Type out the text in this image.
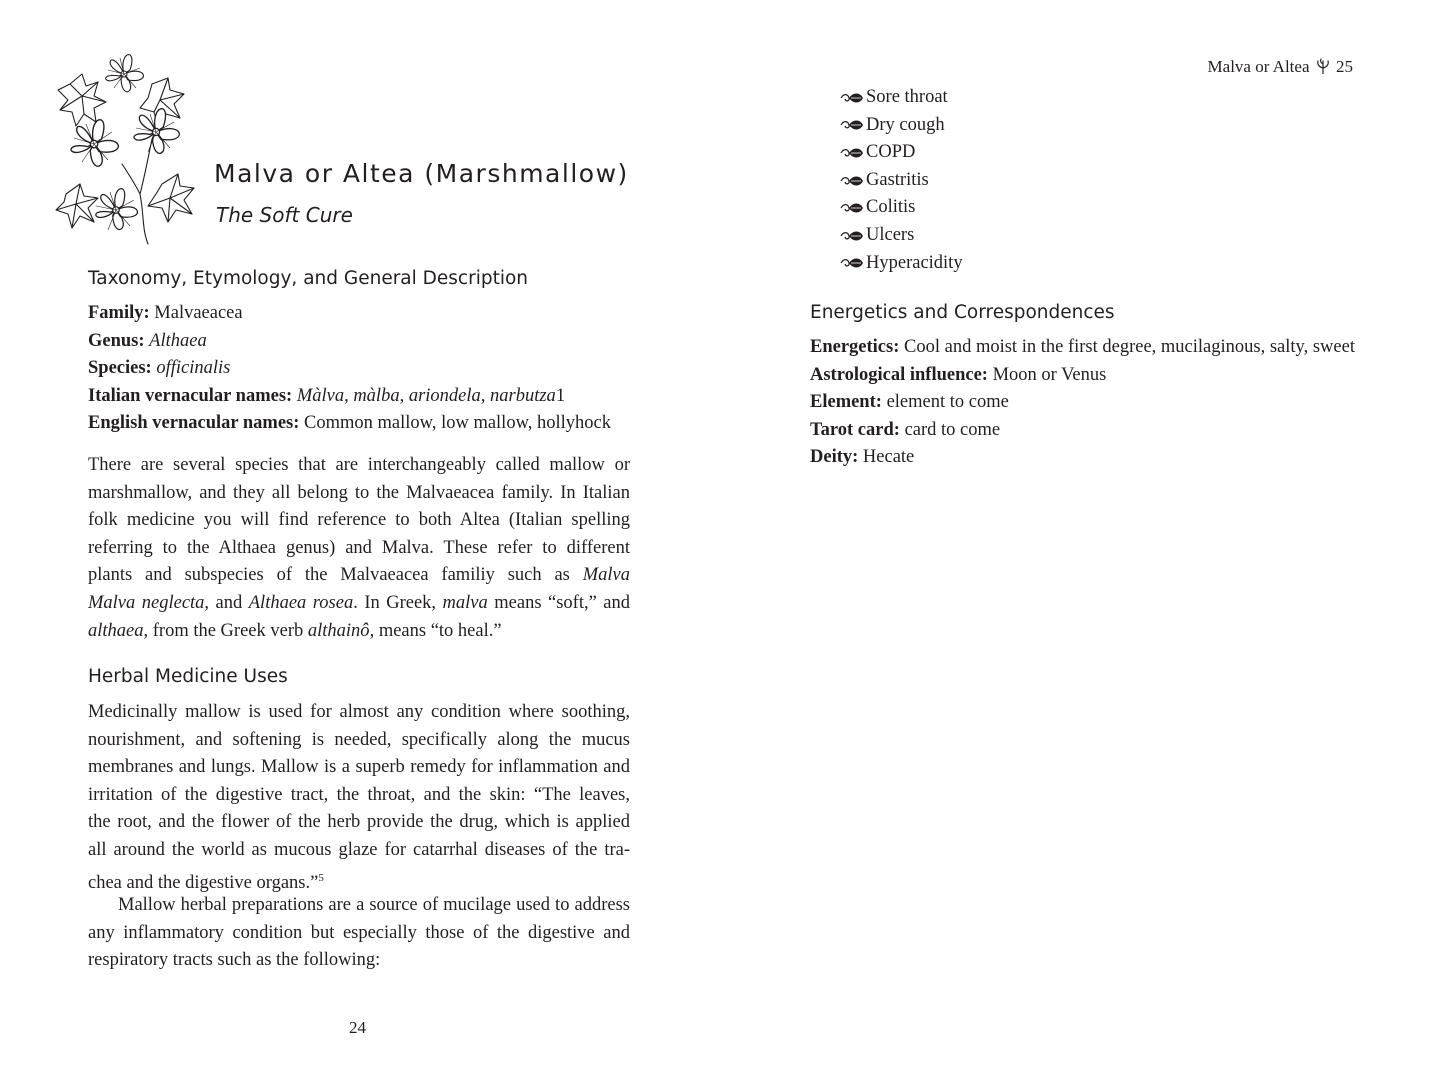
Malva or Altea (Marshmallow)

The Soft Cure

Taxonomy, Etymology, and General Description

Family: Malvaeacea

Genus: Althaea

Species: officinalis

Italian vernacular names: Màlva, màlba, ariondela, narbutza1

English vernacular names: Common mallow, low mallow, hollyhock

There are several species that are interchangeably called mallow or
marshmallow, and they all belong to the Malvaeacea family. In Italian
folk medicine you will find reference to both Altea (Italian spelling
referring to the Althaea genus) and Malva. These refer to different
plants and subspecies of the Malvaeacea familiy such as Malva
Malva neglecta, and Althaea rosea. In Greek, malva means “soft,” and
althaea, from the Greek verb althainô, means “to heal.”
Herbal Medicine Uses
Medicinally mallow is used for almost any condition where soothing,
nourishment, and softening is needed, specifically along the mucus
membranes and lungs. Mallow is a superb remedy for inflammation and
irritation of the digestive tract, the throat, and the skin: “The leaves,
the root, and the flower of the herb provide the drug, which is applied
all around the world as mucous glaze for catarrhal diseases of the tra-
chea and the digestive organs.”$^5$
Mallow herbal preparations are a source of mucilage used to address
any inflammatory condition but especially those of the digestive and
respiratory tracts such as the following:
24
Malva or Altea 25
Sore throat
Dry cough
COPD
Gastritis
Colitis
Ulcers
Hyperacidity
Energetics and Correspondences

Energetics: Cool and moist in the first degree, mucilaginous, salty, sweet

Astrological influence: Moon or Venus

Element: element to come

Tarot card: card to come

Deity: Hecate
